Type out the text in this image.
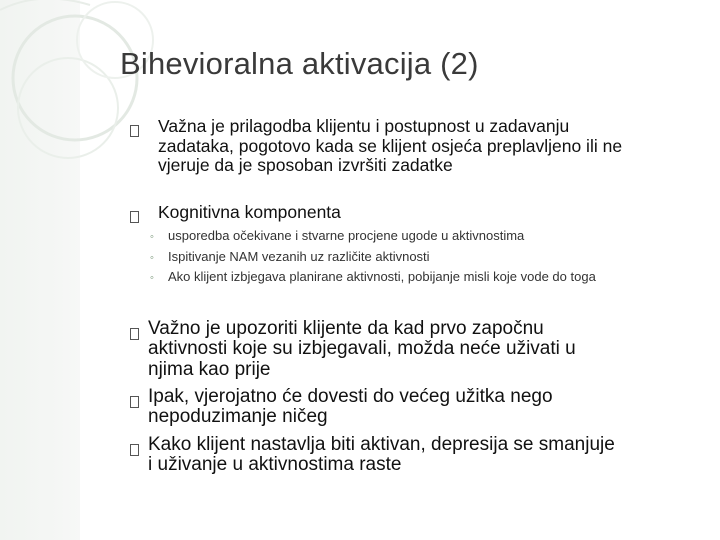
Bihevioralna aktivacija (2)
Važna je prilagodba klijentu i postupnost u zadavanju
zadataka, pogotovo kada se klijent osjeća preplavljeno ili ne
vjeruje da je sposoban izvršiti zadatke
Kognitivna komponenta
◦ usporedba očekivane i stvarne procjene ugode u aktivnostima
◦ Ispitivanje NAM vezanih uz različite aktivnosti
◦ Ako klijent izbjegava planirane aktivnosti, pobijanje misli koje vode do toga
Važno je upozoriti klijente da kad prvo započnu
aktivnosti koje su izbjegavali, možda neće uživati u
njima kao prije
Ipak, vjerojatno će dovesti do većeg užitka nego
nepoduzimanje ničeg
Kako klijent nastavlja biti aktivan, depresija se smanjuje
i uživanje u aktivnostima raste
